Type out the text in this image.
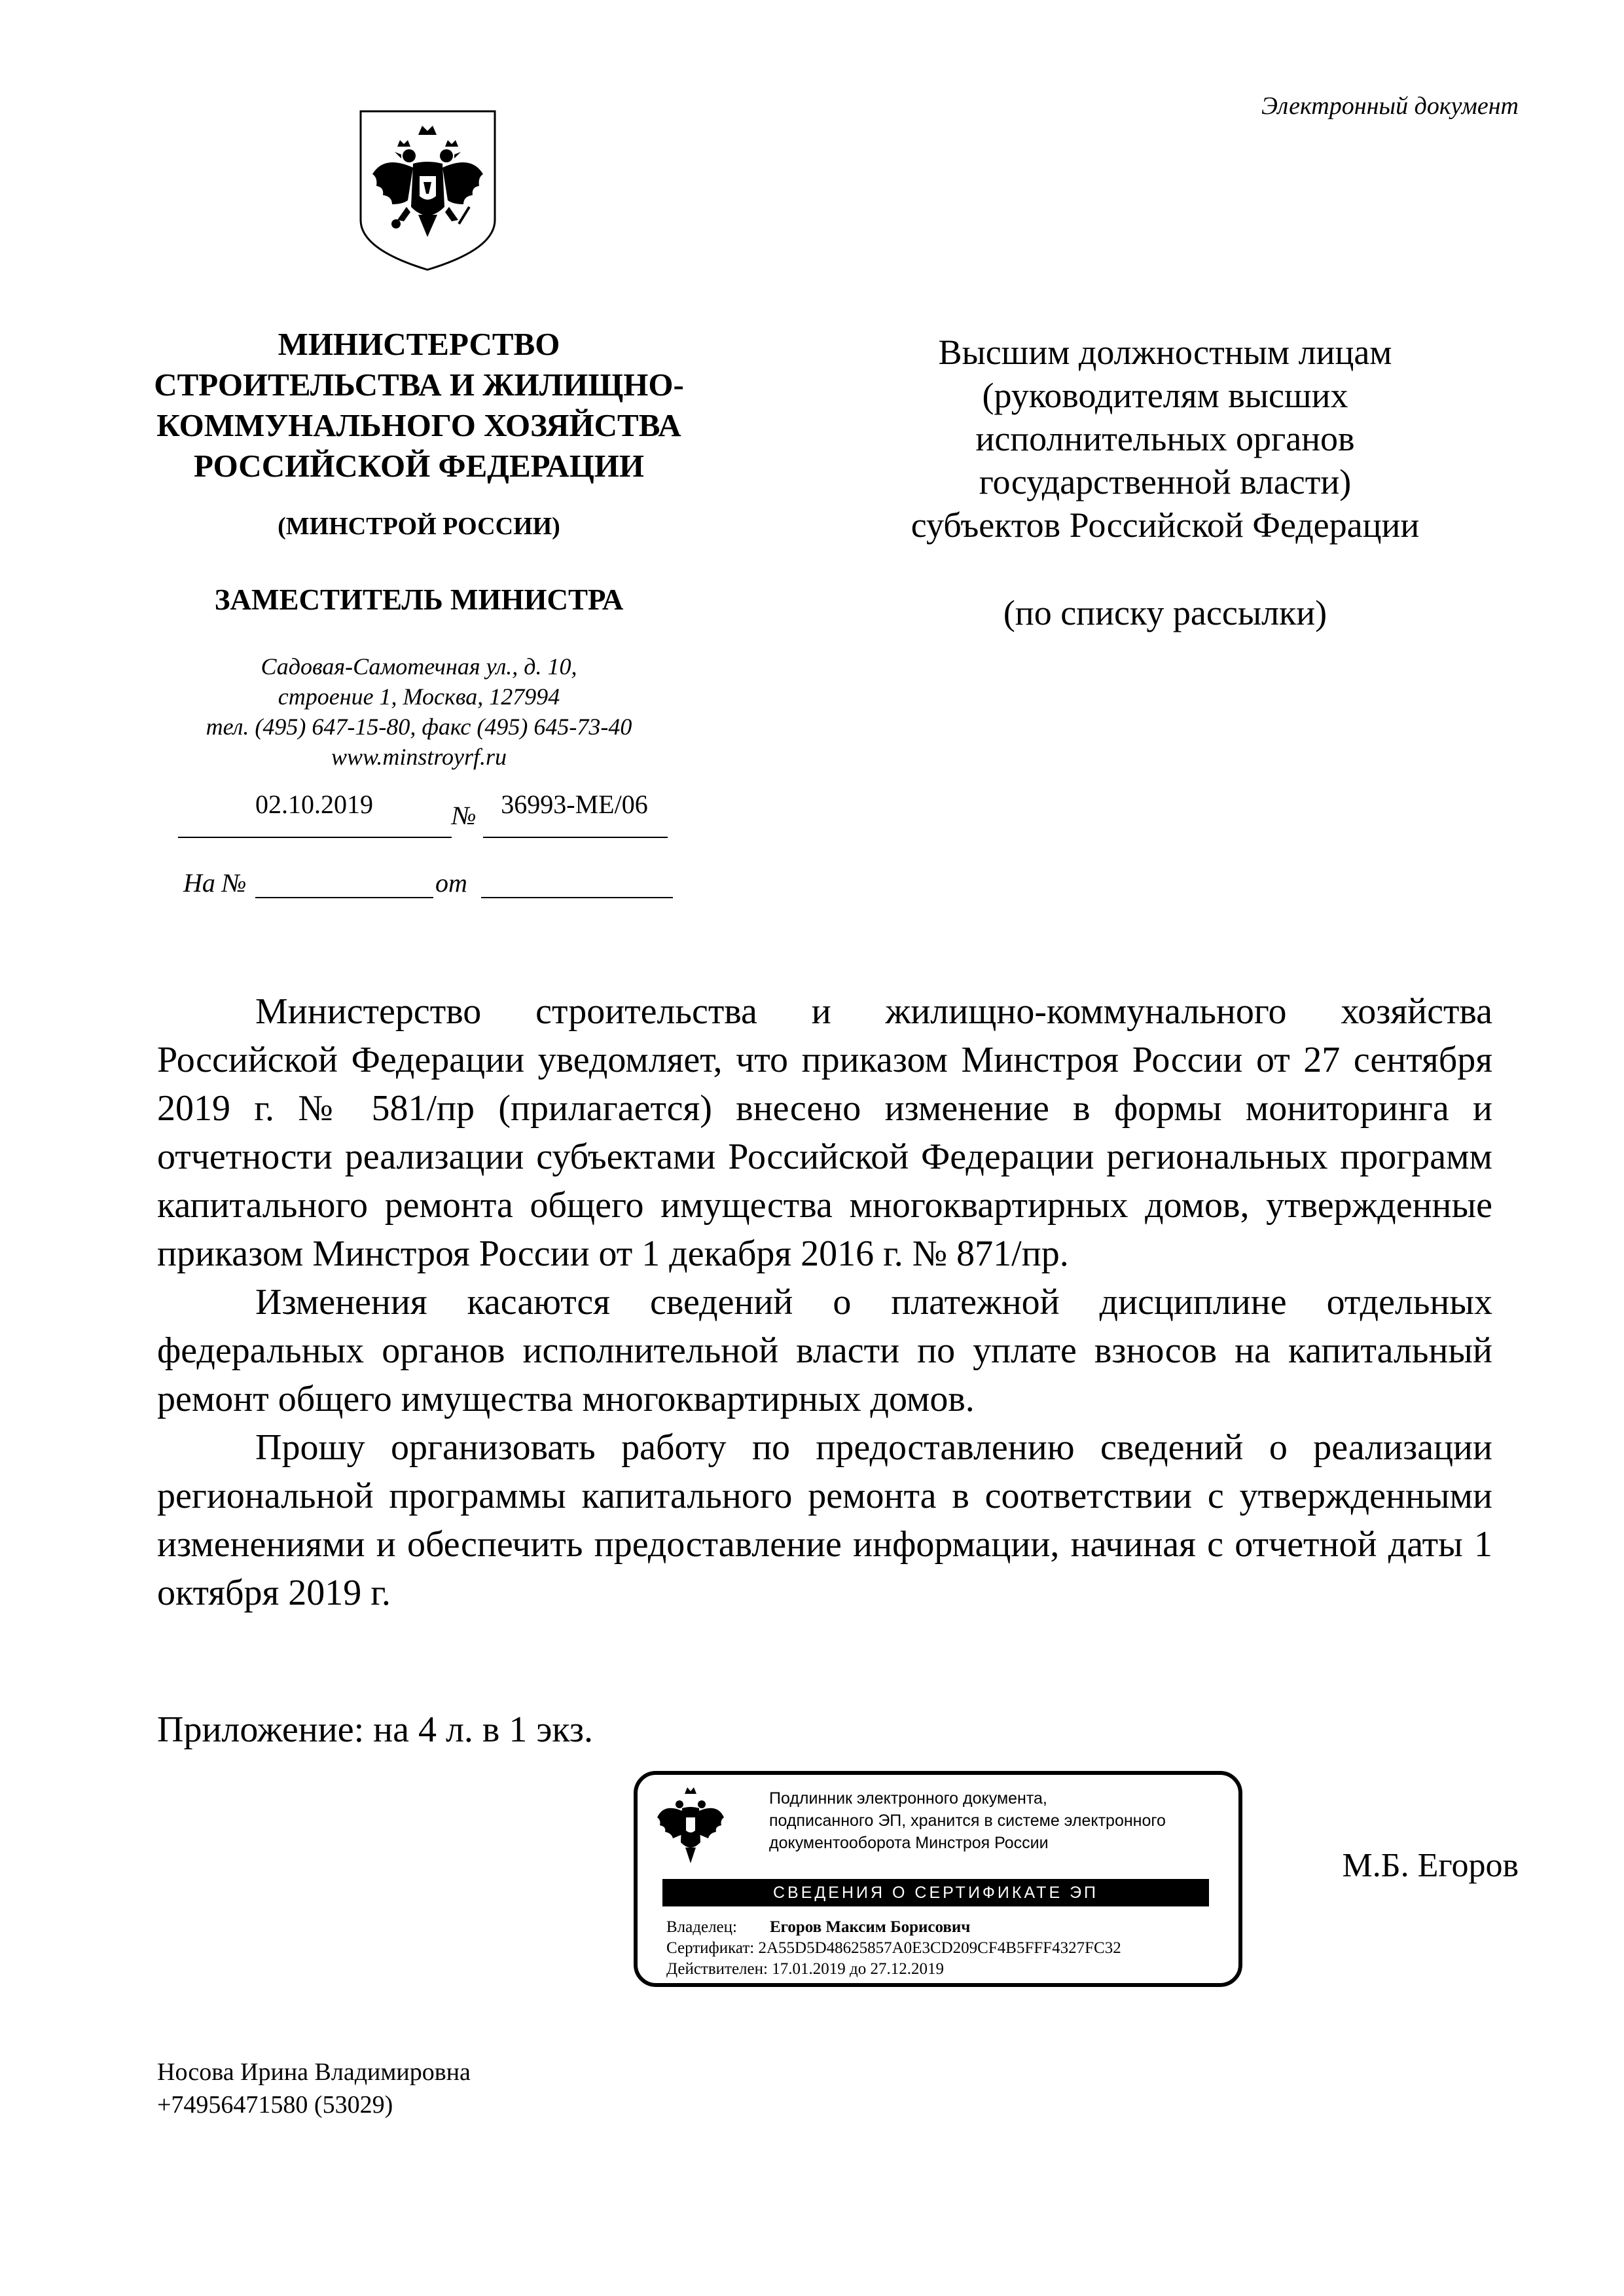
Электронный документ
МИНИСТЕРСТВО
СТРОИТЕЛЬСТВА И ЖИЛИЩНО-
КОММУНАЛЬНОГО ХОЗЯЙСТВА
РОССИЙСКОЙ ФЕДЕРАЦИИ
(МИНСТРОЙ РОССИИ)
ЗАМЕСТИТЕЛЬ МИНИСТРА
Садовая-Самотечная ул., д. 10,
строение 1, Москва, 127994
тел. (495) 647-15-80, факс (495) 645-73-40
www.minstroyrf.ru
02.10.2019	№ 36993-МЕ/06
На №	от
Высшим должностным лицам
(руководителям высших
исполнительных органов
государственной власти)
субъектов Российской Федерации
(по списку рассылки)

Министерство строительства и жилищно-коммунального хозяйства Российской Федерации уведомляет, что приказом Минстроя России от 27 сентября 2019 г. № 581/пр (прилагается) внесено изменение в формы мониторинга и отчетности реализации субъектами Российской Федерации региональных программ капитального ремонта общего имущества многоквартирных домов, утвержденные приказом Минстроя России от 1 декабря 2016 г. № 871/пр.

Изменения касаются сведений о платежной дисциплине отдельных федеральных органов исполнительной власти по уплате взносов на капитальный ремонт общего имущества многоквартирных домов.

Прошу организовать работу по предоставлению сведений о реализации региональной программы капитального ремонта в соответствии с утвержденными изменениями и обеспечить предоставление информации, начиная с отчетной даты 1 октября 2019 г.

Приложение: на 4 л. в 1 экз.
Подлинник электронного документа,
подписанного ЭП, хранится в системе электронного
документооборота Минстроя России
СВЕДЕНИЯ О СЕРТИФИКАТЕ ЭП
Владелец: Егоров Максим Борисович
Сертификат: 2A55D5D48625857A0E3CD209CF4B5FFF4327FC32
Действителен: 17.01.2019 до 27.12.2019
М.Б. Егоров
Носова Ирина Владимировна
+74956471580 (53029)
